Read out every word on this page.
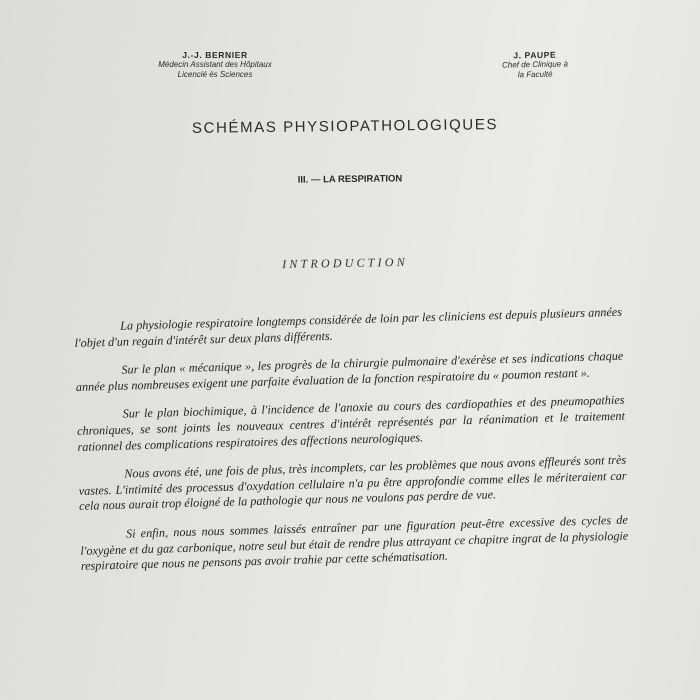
J.-J. BERNIER
Médecin Assistant des Hôpitaux
Licencié ès Sciences
J. PAUPE
Chef de Clinique à
la Faculté
SCHÉMAS PHYSIOPATHOLOGIQUES
III. — LA RESPIRATION
INTRODUCTION

La physiologie respiratoire longtemps considérée de loin par les cliniciens est depuis plusieurs années l'objet d'un regain d'intérêt sur deux plans différents.

Sur le plan « mécanique », les progrès de la chirurgie pulmonaire d'exérèse et ses indications chaque année plus nombreuses exigent une parfaite évaluation de la fonction respiratoire du « poumon restant ».

Sur le plan biochimique, à l'incidence de l'anoxie au cours des cardiopathies et des pneumopathies chroniques, se sont joints les nouveaux centres d'intérêt représentés par la réanimation et le traitement rationnel des complications respiratoires des affections neurologiques.

Nous avons été, une fois de plus, très incomplets, car les problèmes que nous avons effleurés sont très vastes. L'intimité des processus d'oxydation cellulaire n'a pu être approfondie comme elles le mériteraient car cela nous aurait trop éloigné de la pathologie qur nous ne voulons pas perdre de vue.

Si enfin, nous nous sommes laissés entraîner par une figuration peut-être excessive des cycles de l'oxygène et du gaz carbonique, notre seul but était de rendre plus attrayant ce chapitre ingrat de la physiologie respiratoire que nous ne pensons pas avoir trahie par cette schématisation.
